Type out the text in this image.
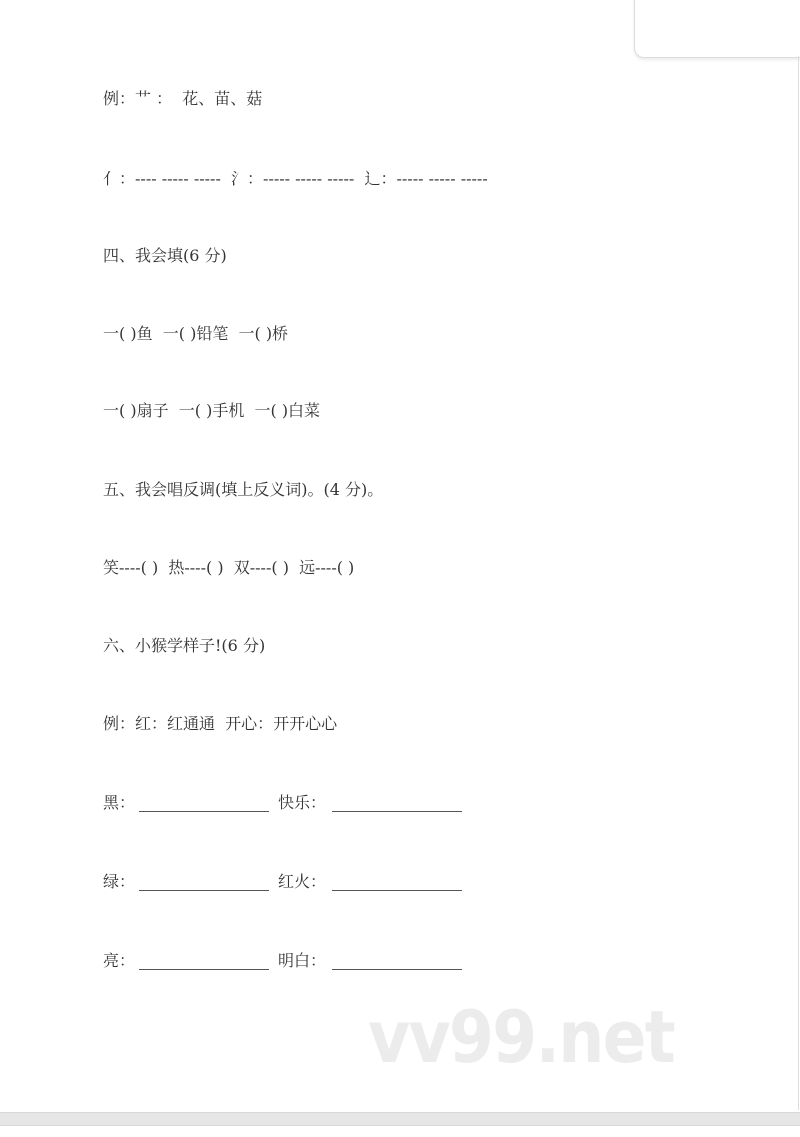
例：艹 ：  花、苗、菇
亻：---- ----- -----  氵：----- ----- -----  辶：----- ----- -----
四、我会填(6 分)
一( )鱼  一( )铅笔  一( )桥
一( )扇子  一( )手机  一( )白菜
五、我会唱反调(填上反义词)。(4 分)。
笑----( )  热----( )  双----( )  远----( )
六、小猴学样子!(6 分)
例：红：红通通  开心：开开心心
黑：	快乐：
绿：	红火：
亮：	明白：
vv99.net
